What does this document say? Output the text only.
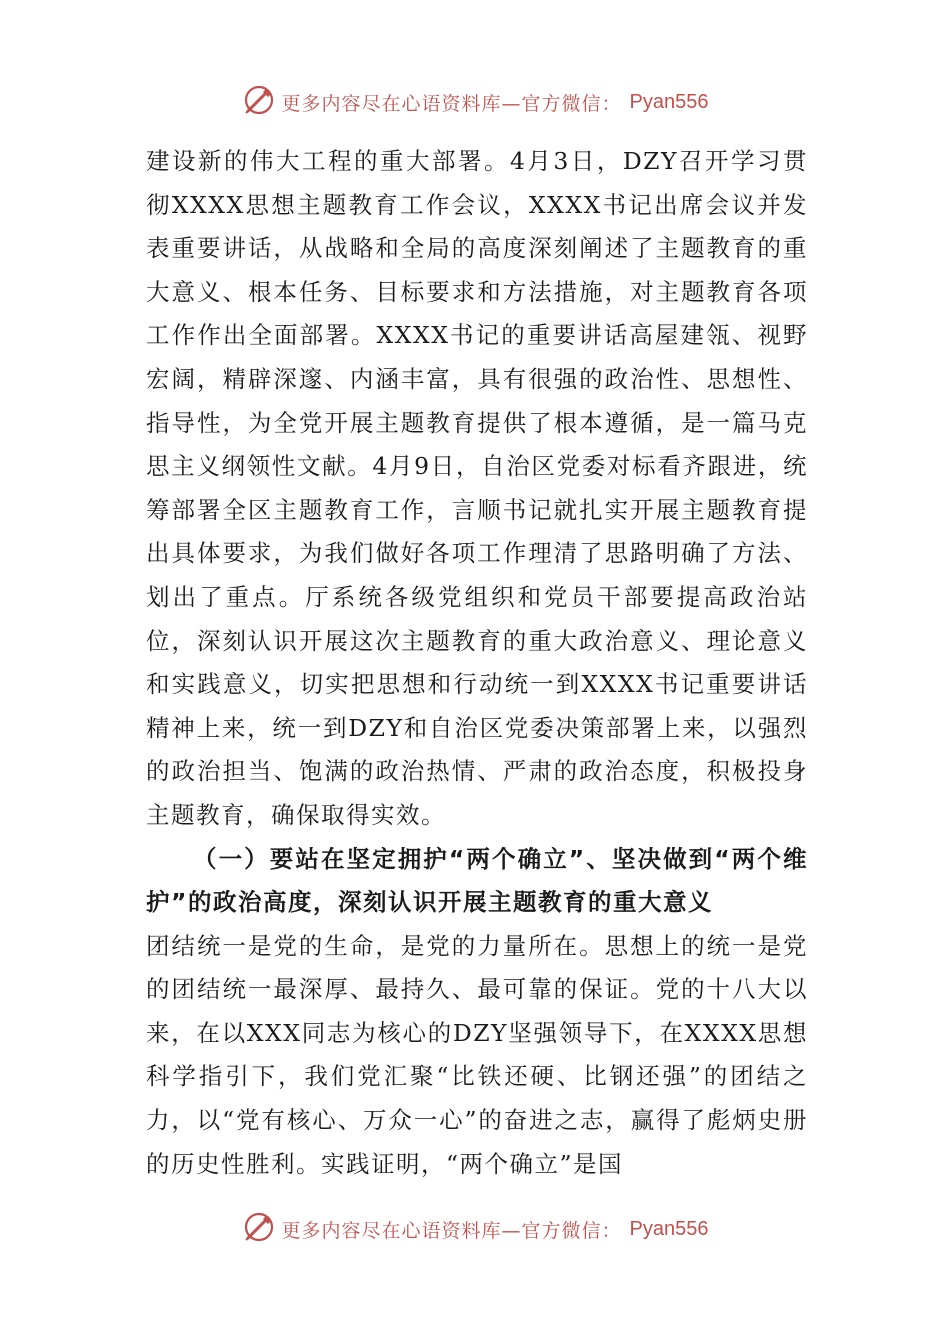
更多内容尽在心语资料库—官方微信： Pyan556

建设新的伟大工程的重大部署。4月3日，DZY召开学习贯彻XXXX思想主题教育工作会议，XXXX书记出席会议并发表重要讲话，从战略和全局的高度深刻阐述了主题教育的重大意义、根本任务、目标要求和方法措施，对主题教育各项工作作出全面部署。XXXX书记的重要讲话高屋建瓴、视野宏阔，精辟深邃、内涵丰富，具有很强的政治性、思想性、指导性，为全党开展主题教育提供了根本遵循，是一篇马克思主义纲领性文献。4月9日，自治区党委对标看齐跟进，统筹部署全区主题教育工作，言顺书记就扎实开展主题教育提出具体要求，为我们做好各项工作理清了思路明确了方法、划出了重点。厅系统各级党组织和党员干部要提高政治站位，深刻认识开展这次主题教育的重大政治意义、理论意义和实践意义，切实把思想和行动统一到XXXX书记重要讲话精神上来，统一到DZY和自治区党委决策部署上来，以强烈的政治担当、饱满的政治热情、严肃的政治态度，积极投身主题教育，确保取得实效。

（一）要站在坚定拥护“两个确立”、坚决做到“两个维护”的政治高度，深刻认识开展主题教育的重大意义

团结统一是党的生命，是党的力量所在。思想上的统一是党的团结统一最深厚、最持久、最可靠的保证。党的十八大以来，在以XXX同志为核心的DZY坚强领导下，在XXXX思想科学指引下，我们党汇聚“比铁还硬、比钢还强”的团结之力，以“党有核心、万众一心”的奋进之志，赢得了彪炳史册的历史性胜利。实践证明，“两个确立”是国

更多内容尽在心语资料库—官方微信： Pyan556
